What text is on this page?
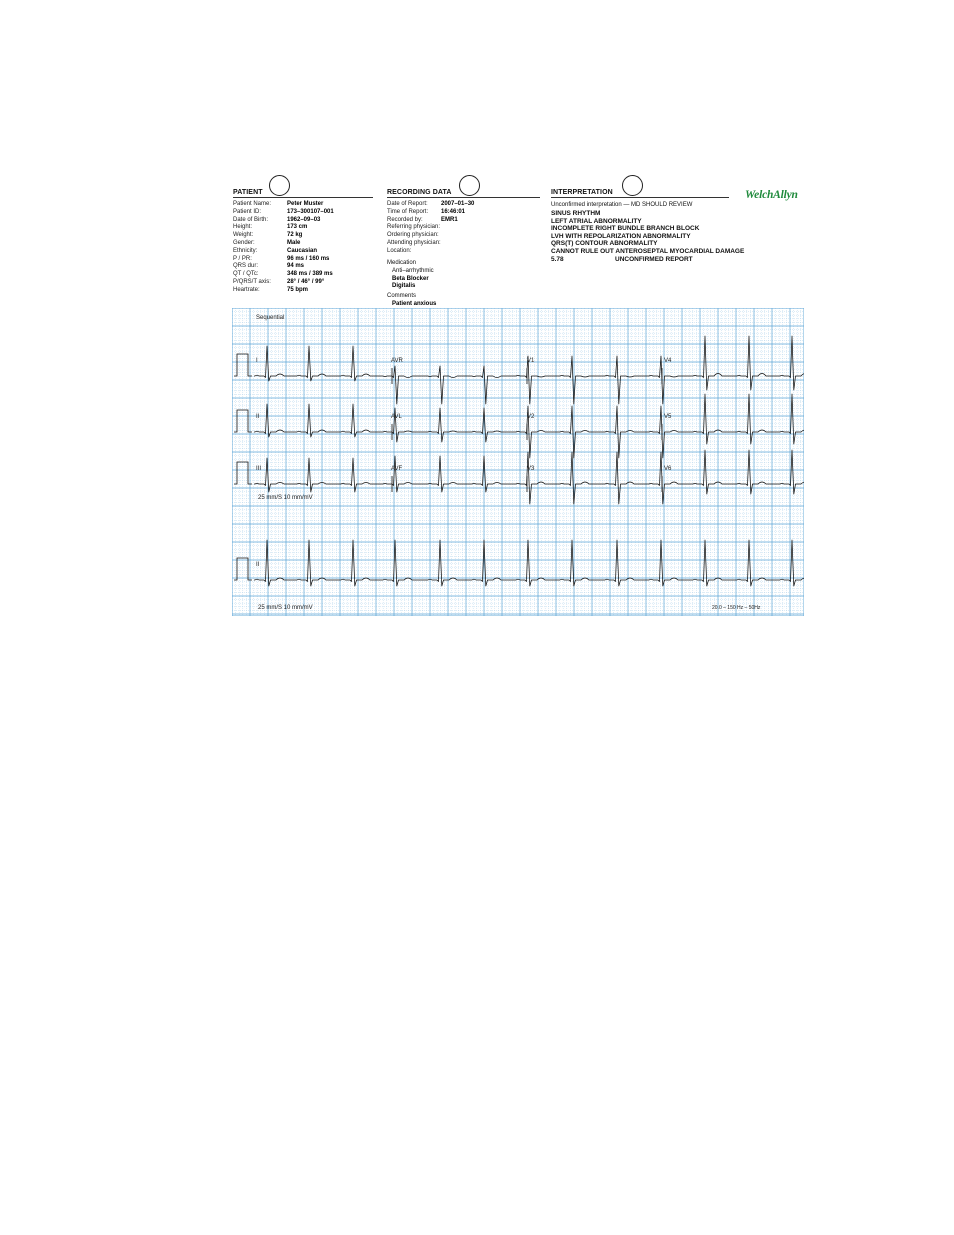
PATIENT
Patient Name:	Peter Muster
Patient ID:	173–300107–001
Date of Birth:	1962–09–03
Height:	173 cm
Weight:	72 kg
Gender:	Male
Ethnicity:	Caucasian
P / PR:	96 ms / 160 ms
QRS dur:	94 ms
QT / QTc:	348 ms / 389 ms
P/QRS/T axis:	28° / 46° / 99°
Heartrate:	75 bpm
RECORDING DATA
Date of Report: 2007–01–30
Time of Report: 16:46:01
Recorded by:	EMR1
Referring physician:
Ordering physician:
Attending physician:
Location:
Medication
Anti–arrhythmic
Beta Blocker
Digitalis
Comments
Patient anxious
INTERPRETATION
Unconfirmed interpretation — MD SHOULD REVIEW
SINUS RHYTHM
LEFT ATRIAL ABNORMALITY
INCOMPLETE RIGHT BUNDLE BRANCH BLOCK
LVH WITH REPOLARIZATION ABNORMALITY
QRS(T) CONTOUR ABNORMALITY
CANNOT RULE OUT ANTEROSEPTAL MYOCARDIAL DAMAGE
5.78	UNCONFIRMED REPORT
WelchAllyn
Sequential
I	AVR	V1	V4
II	AVL	V2	V5
III	AVF	V3	V6
II
25 mm/S 10 mm/mV
25 mm/S 10 mm/mV	20.0 – 150 Hz – 50Hz
